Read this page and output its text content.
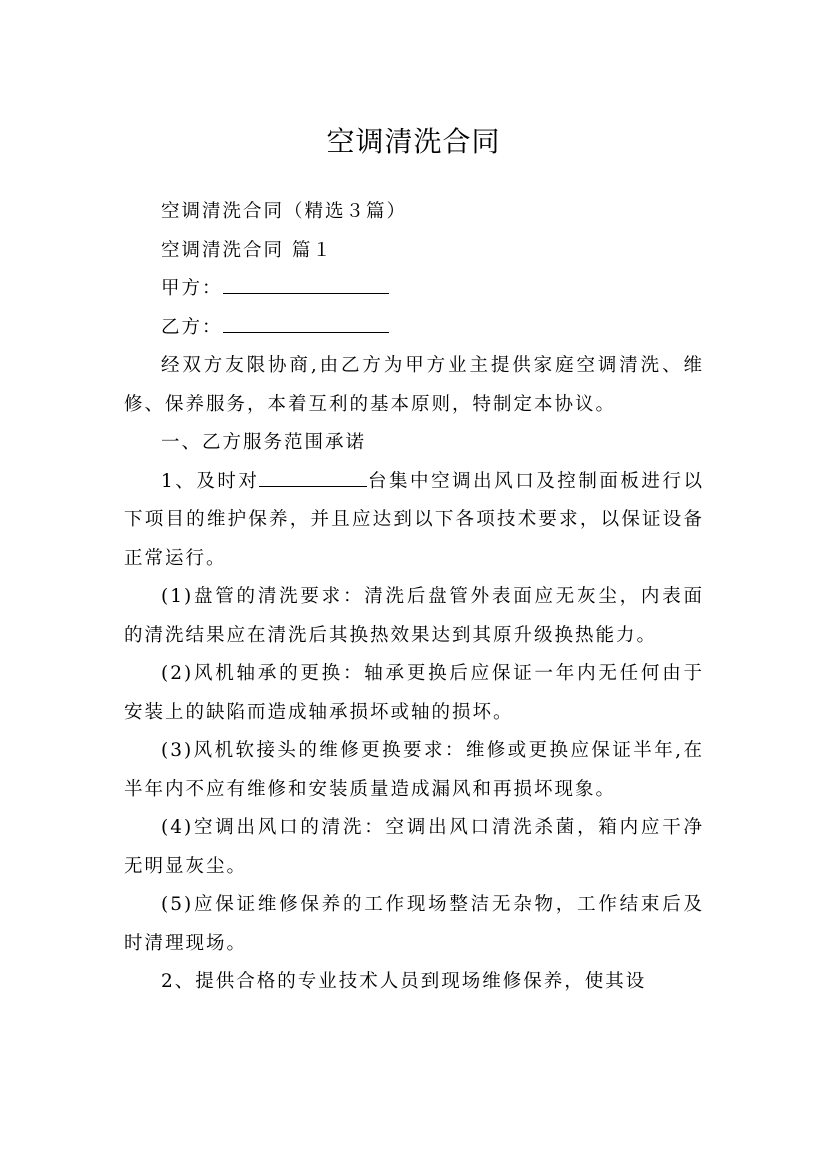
空调清洗合同

空调清洗合同（精选３篇）

空调清洗合同 篇１

甲方：

乙方：

经双方友限协商,由乙方为甲方业主提供家庭空调清洗、维修、保养服务，本着互利的基本原则，特制定本协议。

一、乙方服务范围承诺

1、及时对	台集中空调出风口及控制面板进行以下项目的维护保养，并且应达到以下各项技术要求，以保证设备正常运行。

(1)盘管的清洗要求：清洗后盘管外表面应无灰尘，内表面的清洗结果应在清洗后其换热效果达到其原升级换热能力。

(2)风机轴承的更换：轴承更换后应保证一年内无任何由于安装上的缺陷而造成轴承损坏或轴的损坏。

(3)风机软接头的维修更换要求：维修或更换应保证半年,在半年内不应有维修和安装质量造成漏风和再损坏现象。

(4)空调出风口的清洗：空调出风口清洗杀菌，箱内应干净无明显灰尘。

(5)应保证维修保养的工作现场整洁无杂物，工作结束后及时清理现场。

2、提供合格的专业技术人员到现场维修保养，使其设
